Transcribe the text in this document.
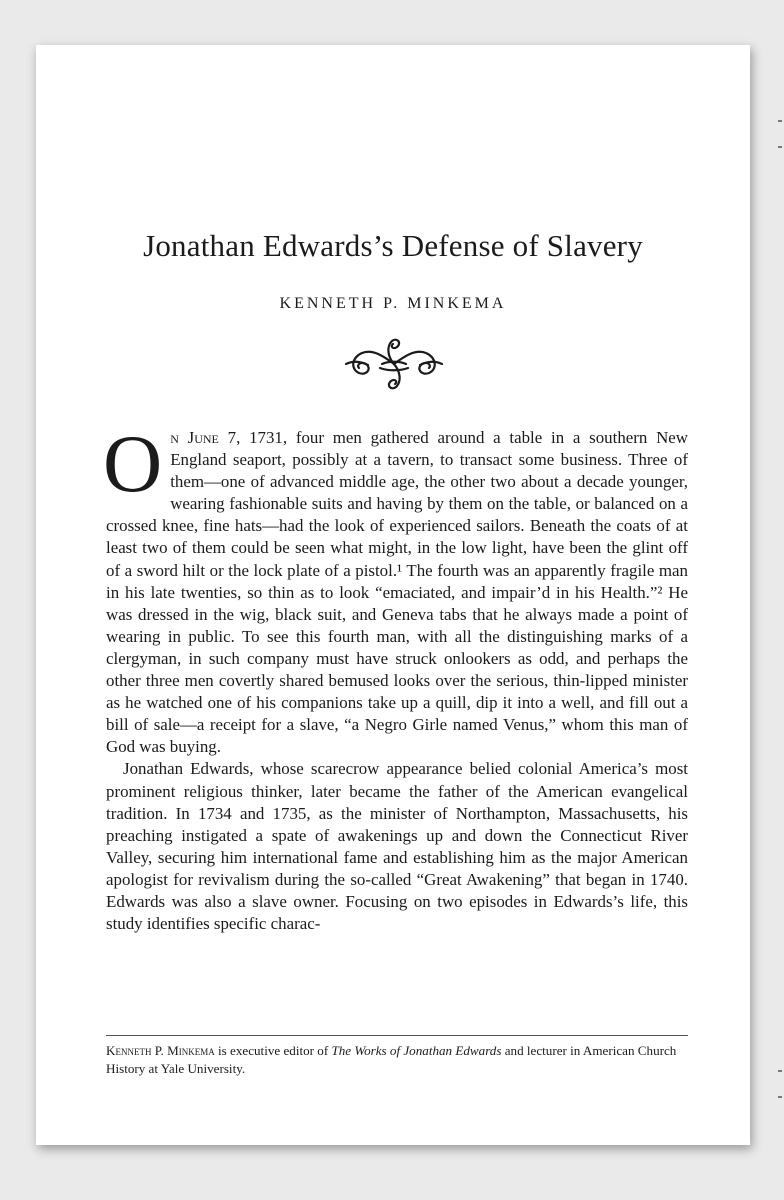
Jonathan Edwards’s Defense of Slavery
KENNETH P. MINKEMA

On June 7, 1731, four men gathered around a table in a southern New England seaport, possibly at a tavern, to transact some business. Three of them—one of advanced middle age, the other two about a decade younger, wearing fashionable suits and having by them on the table, or balanced on a crossed knee, fine hats—had the look of experienced sailors. Beneath the coats of at least two of them could be seen what might, in the low light, have been the glint off of a sword hilt or the lock plate of a pistol.¹ The fourth was an apparently fragile man in his late twenties, so thin as to look “emaciated, and impair’d in his Health.”² He was dressed in the wig, black suit, and Geneva tabs that he always made a point of wearing in public. To see this fourth man, with all the distinguishing marks of a clergyman, in such company must have struck onlookers as odd, and perhaps the other three men covertly shared bemused looks over the serious, thin-lipped minister as he watched one of his companions take up a quill, dip it into a well, and fill out a bill of sale—a receipt for a slave, “a Negro Girle named Venus,” whom this man of God was buying.

Jonathan Edwards, whose scarecrow appearance belied colonial America’s most prominent religious thinker, later became the father of the American evangelical tradition. In 1734 and 1735, as the minister of Northampton, Massachusetts, his preaching instigated a spate of awakenings up and down the Connecticut River Valley, securing him international fame and establishing him as the major American apologist for revivalism during the so-called “Great Awakening” that began in 1740. Edwards was also a slave owner. Focusing on two episodes in Edwards’s life, this study identifies specific charac-

Kenneth P. Minkema is executive editor of The Works of Jonathan Edwards and lecturer in American Church History at Yale University.
